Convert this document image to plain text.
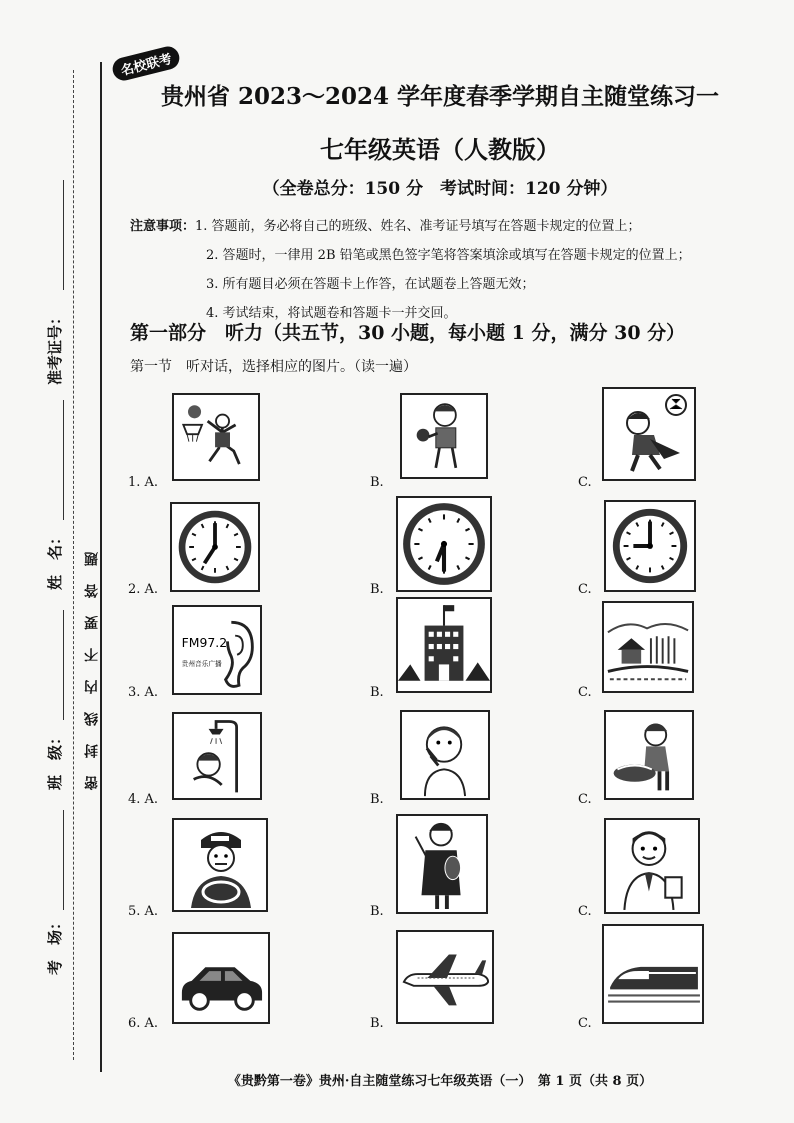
准考证号：
姓　名：
班　级：
考　场：
密封线内不要答题
名校联考
贵州省 2023～2024 学年度春季学期自主随堂练习一
七年级英语（人教版）
（全卷总分：150 分　考试时间：120 分钟）
注意事项：1. 答题前，务必将自己的班级、姓名、准考证号填写在答题卡规定的位置上；
2. 答题时，一律用 2B 铅笔或黑色签字笔将答案填涂或填写在答题卡规定的位置上；
3. 所有题目必须在答题卡上作答，在试题卷上答题无效；
4. 考试结束，将试题卷和答题卡一并交回。
第一部分　听力（共五节，30 小题，每小题 1 分，满分 30 分）
第一节　听对话，选择相应的图片。（读一遍）
1. A.	B.	C.
2. A.	B.	C.
3. A.
FM97.2
贵州音乐广播
B.	C.
4. A.	B.	C.
5. A.	B.	C.
6. A.	B.	C.
《贵黔第一卷》贵州·自主随堂练习七年级英语（一）　第 1 页（共 8 页）
